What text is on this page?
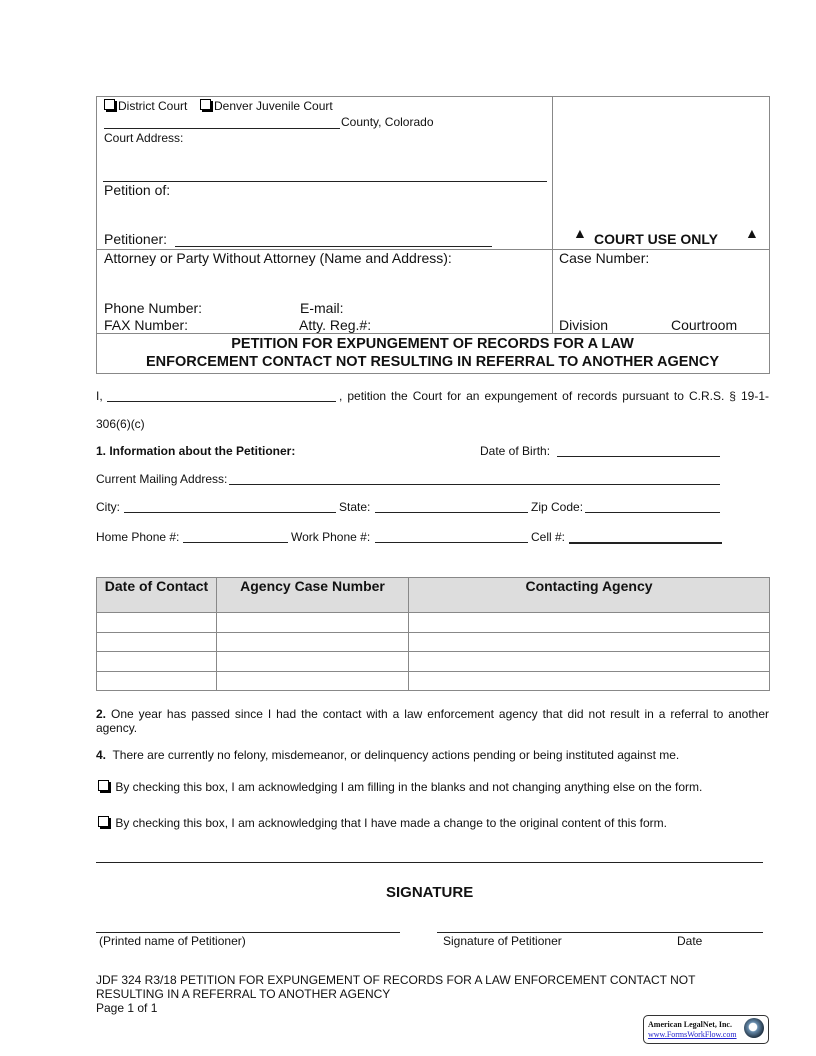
District Court	Denver Juvenile Court
County, Colorado
Court Address:
Petition of:
Petitioner:	▲ COURT USE ONLY ▲
Attorney or Party Without Attorney (Name and Address):
Phone Number:	E-mail:
FAX Number:	Atty. Reg.#:
Case Number:
Division	Courtroom
PETITION FOR EXPUNGEMENT OF RECORDS FOR A LAW
ENFORCEMENT CONTACT NOT RESULTING IN REFERRAL TO ANOTHER AGENCY
I,	, petition the Court for an expungement of records pursuant to C.R.S. § 19-1-
306(6)(c)
1. Information about the Petitioner:	Date of Birth:
Current Mailing Address:
City:	State:	Zip Code:
Home Phone #:	Work Phone #:	Cell #:
Date of Contact	Agency Case Number	Contacting Agency

2. One year has passed since I had the contact with a law enforcement agency that did not result in a referral to another agency.
4. There are currently no felony, misdemeanor, or delinquency actions pending or being instituted against me.
By checking this box, I am acknowledging I am filling in the blanks and not changing anything else on the form.
By checking this box, I am acknowledging that I have made a change to the original content of this form.
SIGNATURE
(Printed name of Petitioner)	Signature of Petitioner	Date
JDF 324 R3/18 PETITION FOR EXPUNGEMENT OF RECORDS FOR A LAW ENFORCEMENT CONTACT NOT
RESULTING IN A REFERRAL TO ANOTHER AGENCY
Page 1 of 1
American LegalNet, Inc.
www.FormsWorkFlow.com
